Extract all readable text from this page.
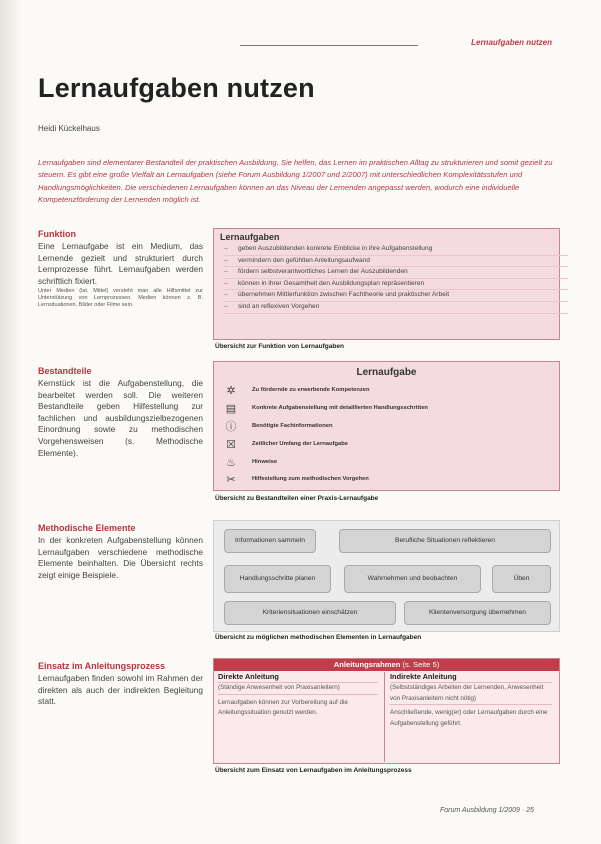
Lernaufgaben nutzen
Lernaufgaben nutzen
Heidi Kückelhaus
Lernaufgaben sind elementarer Bestandteil der praktischen Ausbildung. Sie helfen, das Lernen im praktischen Alltag zu strukturieren und somit gezielt zu steuern. Es gibt eine große Vielfalt an Lernaufgaben (siehe Forum Ausbildung 1/2007 und 2/2007) mit unterschiedlichen Komplexitätsstufen und Handlungsmöglichkeiten. Die verschiedenen Lernaufgaben können an das Niveau der Lernenden angepasst werden, wodurch eine individuelle Kompetenzförderung der Lernenden möglich ist.
Funktion

Eine Lernaufgabe ist ein Medium, das Lernende gezielt und strukturiert durch Lernprozesse führt. Lernaufgaben werden schriftlich fixiert.

Unter Medien (lat. Mittel) versteht man alle Hilfsmittel zur Unterstützung von Lernprozessen. Medien können z. B. Lernsituationen, Bilder oder Filme sein.

Lernaufgaben
– geben Auszubildenden konkrete Einblicke in ihre Aufgabenstellung
– vermindern den gefühlten Anleitungsaufwand
– fördern selbstverantwortliches Lernen der Auszubildenden
– können in ihrer Gesamtheit den Ausbildungsplan repräsentieren
– übernehmen Mittlerfunktion zwischen Fachtheorie und praktischer Arbeit
– sind an reflexiven Vorgehen
Übersicht zur Funktion von Lernaufgaben
Bestandteile

Kernstück ist die Aufgabenstellung, die bearbeitet werden soll. Die weiteren Bestandteile geben Hilfestellung zur fachlichen und ausbildungszielbezogenen Einordnung sowie zu methodischen Vorgehensweisen (s. Methodische Elemente).

Lernaufgabe
✲	Zu fördernde zu erwerbende Kompetenzen
▤	Konkrete Aufgabenstellung mit detaillierten Handlungsschritten
ⓘ	Benötigte Fachinformationen
☒	Zeitlicher Umfang der Lernaufgabe
♨	Hinweise
✂	Hilfestellung zum methodischen Vorgehen
Übersicht zu Bestandteilen einer Praxis-Lernaufgabe
Methodische Elemente

In der konkreten Aufgabenstellung können Lernaufgaben verschiedene methodische Elemente beinhalten. Die Übersicht rechts zeigt einige Beispiele.

Informationen sammeln	Berufliche Situationen reflektieren
Handlungsschritte planen	Wahrnehmen und beobachten	Üben
Kriteriensituationen einschätzen	Klientenversorgung übernehmen
Übersicht zu möglichen methodischen Elementen in Lernaufgaben
Einsatz im Anleitungsprozess

Lernaufgaben finden sowohl im Rahmen der direkten als auch der indirekten Begleitung statt.

Anleitungsrahmen (s. Seite 5)
Direkte Anleitung
(Ständige Anwesenheit von Praxisanleitern)
Lernaufgaben können zur Vorbereitung auf die Anleitungssituation genutzt werden.
Indirekte Anleitung
(Selbstständiges Arbeiten der Lernenden, Anwesenheit von Praxisanleitern nicht nötig)
Anschließende, wenig(er) oder Lernaufgaben durch eine Aufgabenstellung geführt.
Übersicht zum Einsatz von Lernaufgaben im Anleitungsprozess
Forum Ausbildung 1/2009 · 25
